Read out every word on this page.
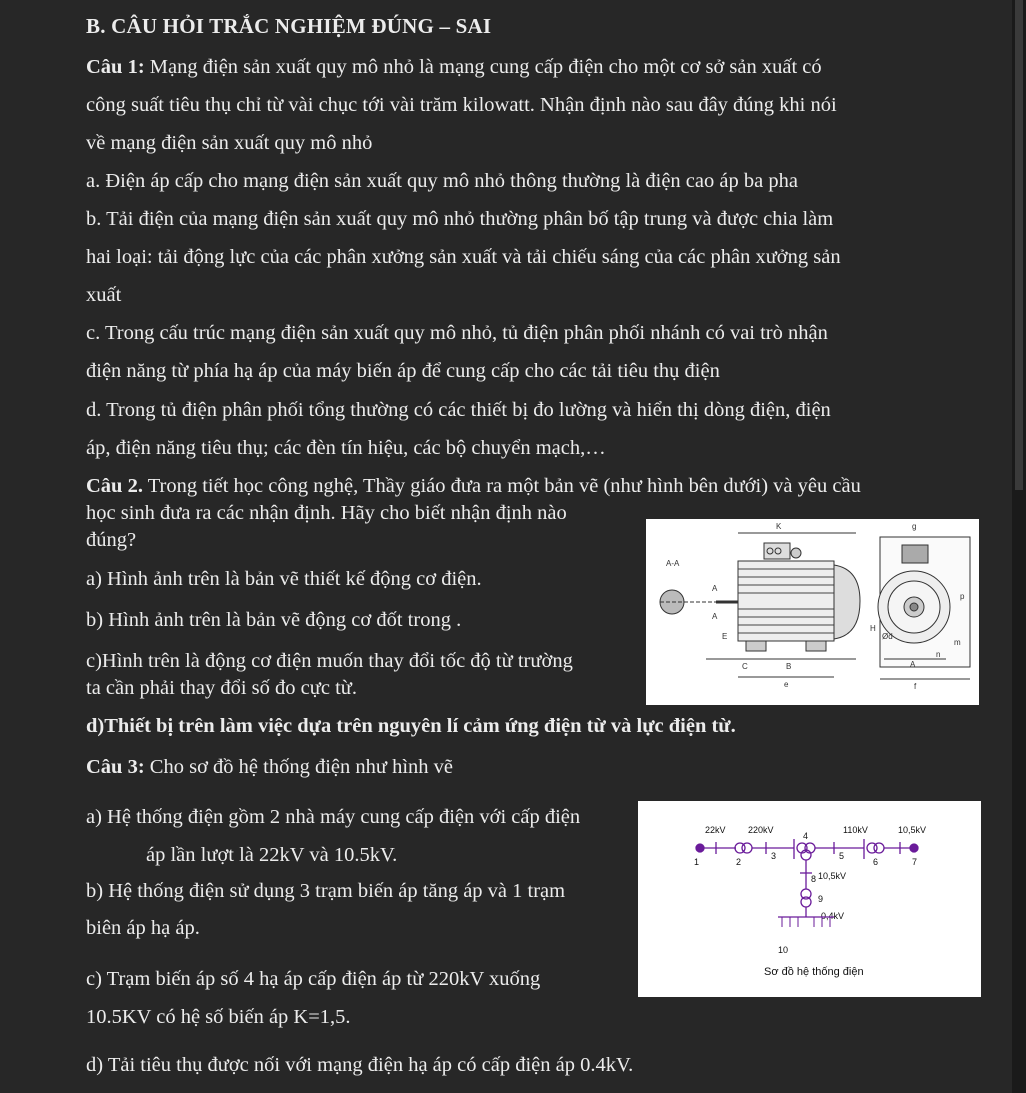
B. CÂU HỎI TRẮC NGHIỆM ĐÚNG – SAI
Câu 1: Mạng điện sản xuất quy mô nhỏ là mạng cung cấp điện cho một cơ sở sản xuất có
công suất tiêu thụ chỉ từ vài chục tới vài trăm kilowatt. Nhận định nào sau đây đúng khi nói
về mạng điện sản xuất quy mô nhỏ
a. Điện áp cấp cho mạng điện sản xuất quy mô nhỏ thông thường là điện cao áp ba pha
b. Tải điện của mạng điện sản xuất quy mô nhỏ thường phân bố tập trung và được chia làm
hai loại: tải động lực của các phân xưởng sản xuất và tải chiếu sáng của các phân xưởng sản
xuất
c. Trong cấu trúc mạng điện sản xuất quy mô nhỏ, tủ điện phân phối nhánh có vai trò nhận
điện năng từ phía hạ áp của máy biến áp để cung cấp cho các tải tiêu thụ điện
d. Trong tủ điện phân phối tổng thường có các thiết bị đo lường và hiển thị dòng điện, điện
áp, điện năng tiêu thụ; các đèn tín hiệu, các bộ chuyển mạch,…
Câu 2. Trong tiết học công nghệ, Thầy giáo đưa ra một bản vẽ (như hình bên dưới) và yêu cầu
học sinh đưa ra các nhận định. Hãy cho biết nhận định nào
đúng?
a) Hình ảnh trên là bản vẽ thiết kế động cơ điện.
b) Hình ảnh trên là bản vẽ động cơ đốt trong .
c)Hình trên là động cơ điện muốn thay đổi tốc độ từ trường
ta cần phải thay đổi số đo cực từ.
d)Thiết bị trên làm việc dựa trên nguyên lí cảm ứng điện từ và lực điện từ.
K	g
A-A
A
A
E
C	B
e
H
Ød
m
A
n
f
p
Câu 3: Cho sơ đồ hệ thống điện như hình vẽ
a) Hệ thống điện gồm 2 nhà máy cung cấp điện với cấp điện
áp lần lượt là 22kV và 10.5kV.
b) Hệ thống điện sử dụng 3 trạm biến áp tăng áp và 1 trạm
biên áp hạ áp.
c) Trạm biến áp số 4 hạ áp cấp điện áp từ 220kV xuống
10.5KV có hệ số biến áp K=1,5.
d) Tải tiêu thụ được nối với mạng điện hạ áp có cấp điện áp 0.4kV.
22kV 220kV	110kV	10,5kV
10,5kV
0,4kV
1	2
3
4
5
6	7
8
9
10
Sơ đồ hệ thống điện
